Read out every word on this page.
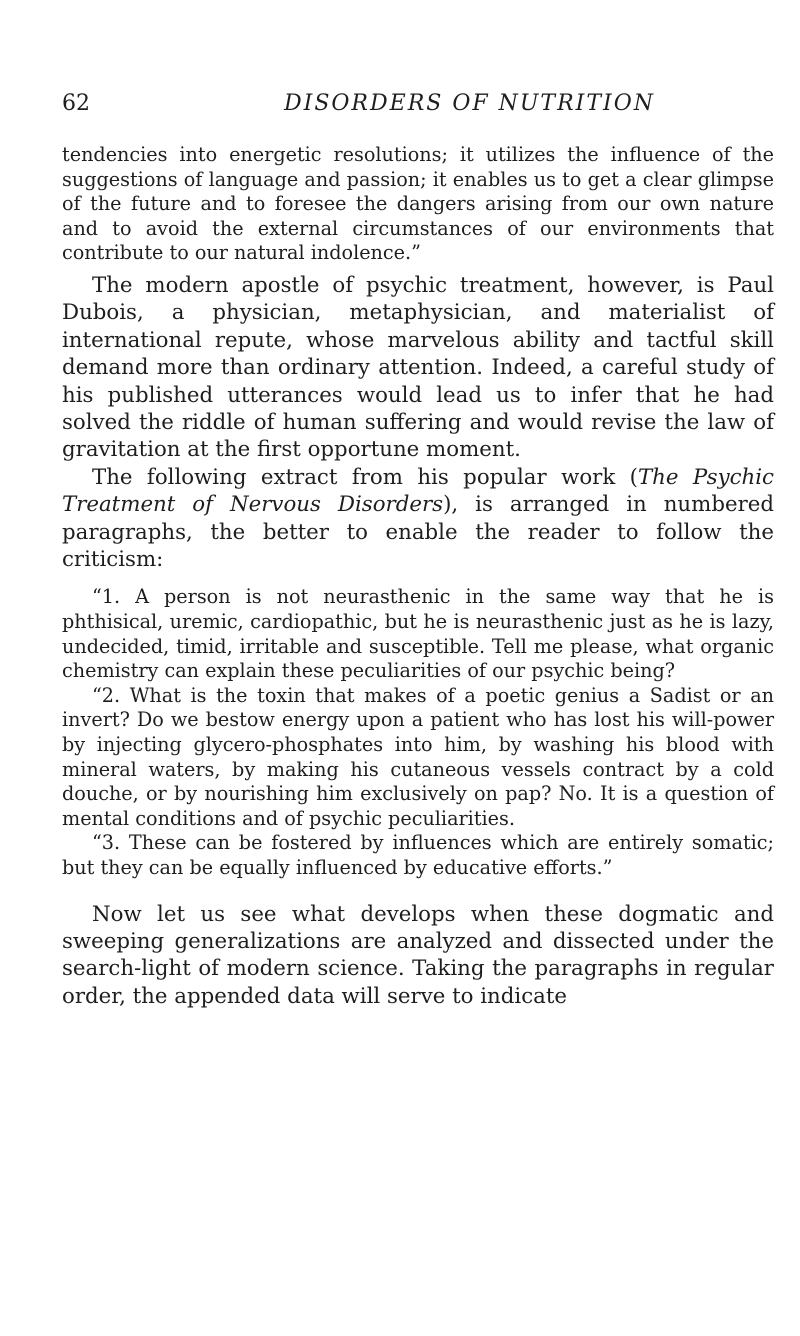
62	DISORDERS OF NUTRITION

tendencies into energetic resolutions; it utilizes the influence of the suggestions of language and passion; it enables us to get a clear glimpse of the future and to foresee the dangers arising from our own nature and to avoid the external circumstances of our environments that contribute to our natural indolence.”

The modern apostle of psychic treatment, however, is Paul Dubois, a physician, metaphysician, and materialist of international repute, whose marvelous ability and tactful skill demand more than ordinary attention. Indeed, a careful study of his published utterances would lead us to infer that he had solved the riddle of human suffering and would revise the law of gravitation at the first opportune moment.

The following extract from his popular work (The Psychic Treatment of Nervous Disorders), is arranged in numbered paragraphs, the better to enable the reader to follow the criticism:

“1. A person is not neurasthenic in the same way that he is phthisical, uremic, cardiopathic, but he is neurasthenic just as he is lazy, undecided, timid, irritable and susceptible. Tell me please, what organic chemistry can explain these peculiarities of our psychic being?

“2. What is the toxin that makes of a poetic genius a Sadist or an invert? Do we bestow energy upon a patient who has lost his will-power by injecting glycero-phosphates into him, by washing his blood with mineral waters, by making his cutaneous vessels contract by a cold douche, or by nourishing him exclusively on pap? No. It is a question of mental conditions and of psychic peculiarities.

“3. These can be fostered by influences which are entirely somatic; but they can be equally influenced by educative efforts.”

Now let us see what develops when these dogmatic and sweeping generalizations are analyzed and dissected under the search-light of modern science. Taking the paragraphs in regular order, the appended data will serve to indicate
